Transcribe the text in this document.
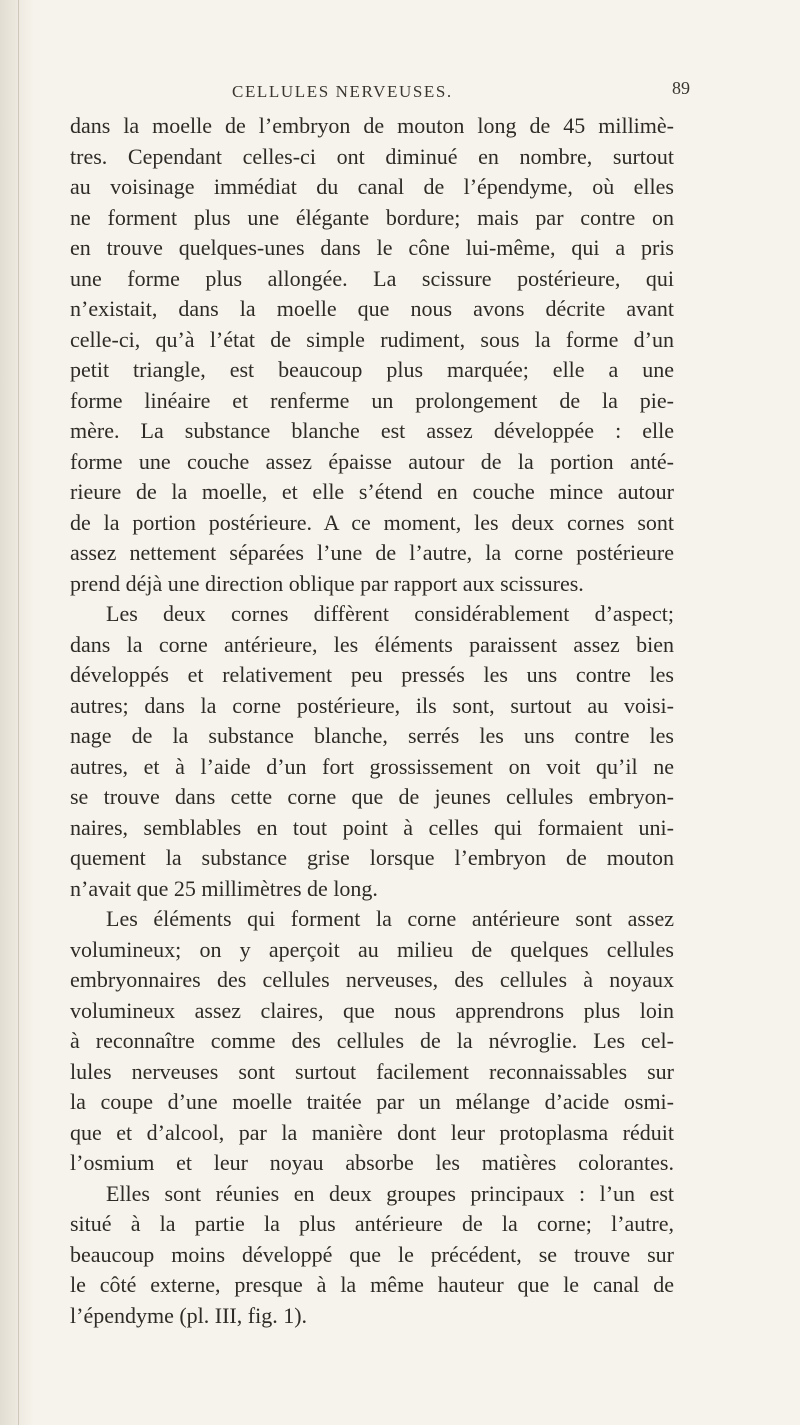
CELLULES NERVEUSES.	89
dans la moelle de l’embryon de mouton long de 45 millimè-
tres. Cependant celles-ci ont diminué en nombre, surtout
au voisinage immédiat du canal de l’épendyme, où elles
ne forment plus une élégante bordure; mais par contre on
en trouve quelques-unes dans le cône lui-même, qui a pris
une forme plus allongée. La scissure postérieure, qui
n’existait, dans la moelle que nous avons décrite avant
celle-ci, qu’à l’état de simple rudiment, sous la forme d’un
petit triangle, est beaucoup plus marquée; elle a une
forme linéaire et renferme un prolongement de la pie-
mère. La substance blanche est assez développée : elle
forme une couche assez épaisse autour de la portion anté-
rieure de la moelle, et elle s’étend en couche mince autour
de la portion postérieure. A ce moment, les deux cornes sont
assez nettement séparées l’une de l’autre, la corne postérieure
prend déjà une direction oblique par rapport aux scissures.
Les deux cornes diffèrent considérablement d’aspect;
dans la corne antérieure, les éléments paraissent assez bien
développés et relativement peu pressés les uns contre les
autres; dans la corne postérieure, ils sont, surtout au voisi-
nage de la substance blanche, serrés les uns contre les
autres, et à l’aide d’un fort grossissement on voit qu’il ne
se trouve dans cette corne que de jeunes cellules embryon-
naires, semblables en tout point à celles qui formaient uni-
quement la substance grise lorsque l’embryon de mouton
n’avait que 25 millimètres de long.
Les éléments qui forment la corne antérieure sont assez
volumineux; on y aperçoit au milieu de quelques cellules
embryonnaires des cellules nerveuses, des cellules à noyaux
volumineux assez claires, que nous apprendrons plus loin
à reconnaître comme des cellules de la névroglie. Les cel-
lules nerveuses sont surtout facilement reconnaissables sur
la coupe d’une moelle traitée par un mélange d’acide osmi-
que et d’alcool, par la manière dont leur protoplasma réduit
l’osmium et leur noyau absorbe les matières colorantes.
Elles sont réunies en deux groupes principaux : l’un est
situé à la partie la plus antérieure de la corne; l’autre,
beaucoup moins développé que le précédent, se trouve sur
le côté externe, presque à la même hauteur que le canal de
l’épendyme (pl. III, fig. 1).
